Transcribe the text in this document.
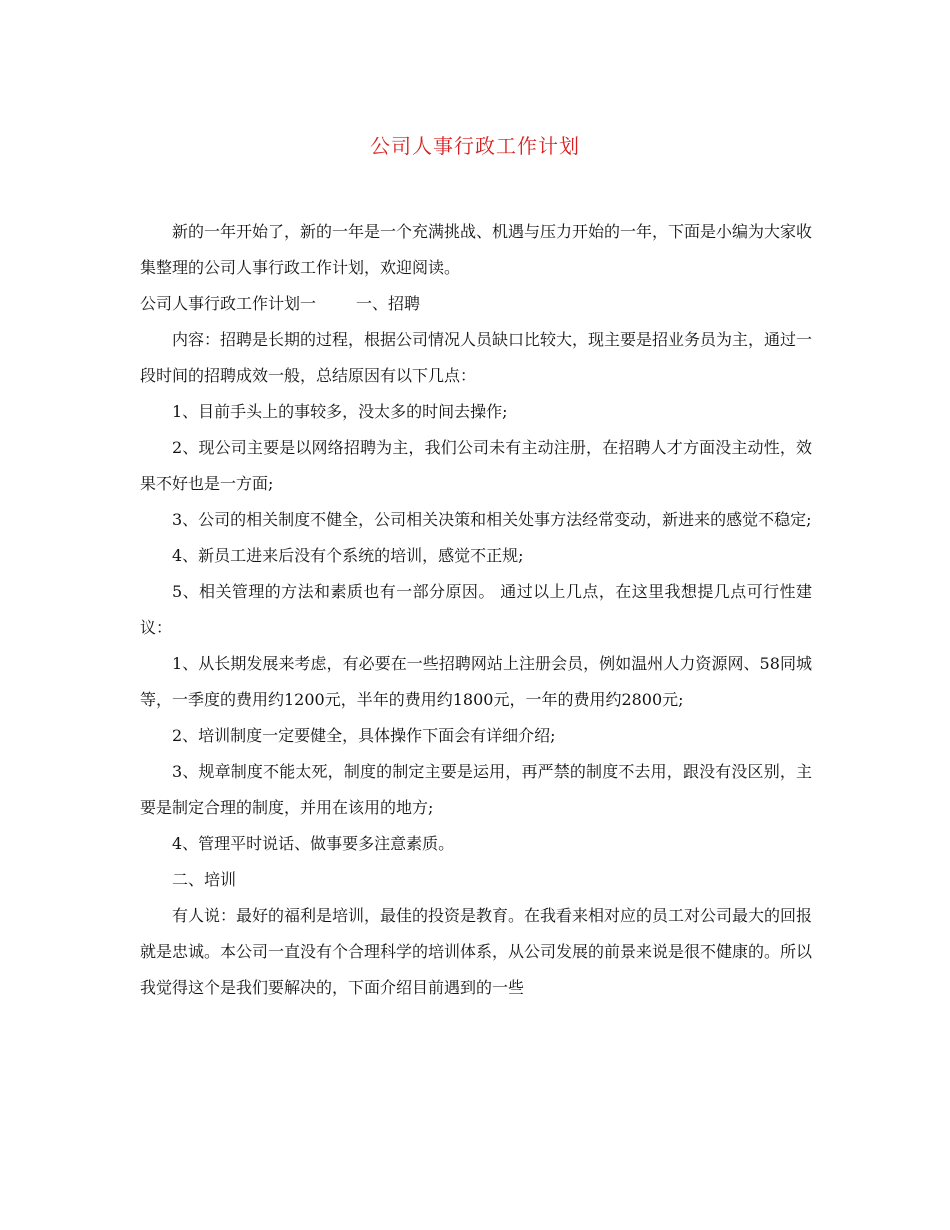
公司人事行政工作计划

新的一年开始了，新的一年是一个充满挑战、机遇与压力开始的一年，下面是小编为大家收集整理的公司人事行政工作计划，欢迎阅读。

公司人事行政工作计划一	一、招聘

内容：招聘是长期的过程，根据公司情况人员缺口比较大，现主要是招业务员为主，通过一段时间的招聘成效一般，总结原因有以下几点：

1、目前手头上的事较多，没太多的时间去操作;

2、现公司主要是以网络招聘为主，我们公司未有主动注册，在招聘人才方面没主动性，效果不好也是一方面;

3、公司的相关制度不健全，公司相关决策和相关处事方法经常变动，新进来的感觉不稳定;

4、新员工进来后没有个系统的培训，感觉不正规;

5、相关管理的方法和素质也有一部分原因。 通过以上几点，在这里我想提几点可行性建议：

1、从长期发展来考虑，有必要在一些招聘网站上注册会员，例如温州人力资源网、58同城等，一季度的费用约1200元，半年的费用约1800元，一年的费用约2800元;

2、培训制度一定要健全，具体操作下面会有详细介绍;

3、规章制度不能太死，制度的制定主要是运用，再严禁的制度不去用，跟没有没区别，主要是制定合理的制度，并用在该用的地方;

4、管理平时说话、做事要多注意素质。

二、培训

有人说：最好的福利是培训，最佳的投资是教育。在我看来相对应的员工对公司最大的回报就是忠诚。本公司一直没有个合理科学的培训体系，从公司发展的前景来说是很不健康的。所以我觉得这个是我们要解决的，下面介绍目前遇到的一些
